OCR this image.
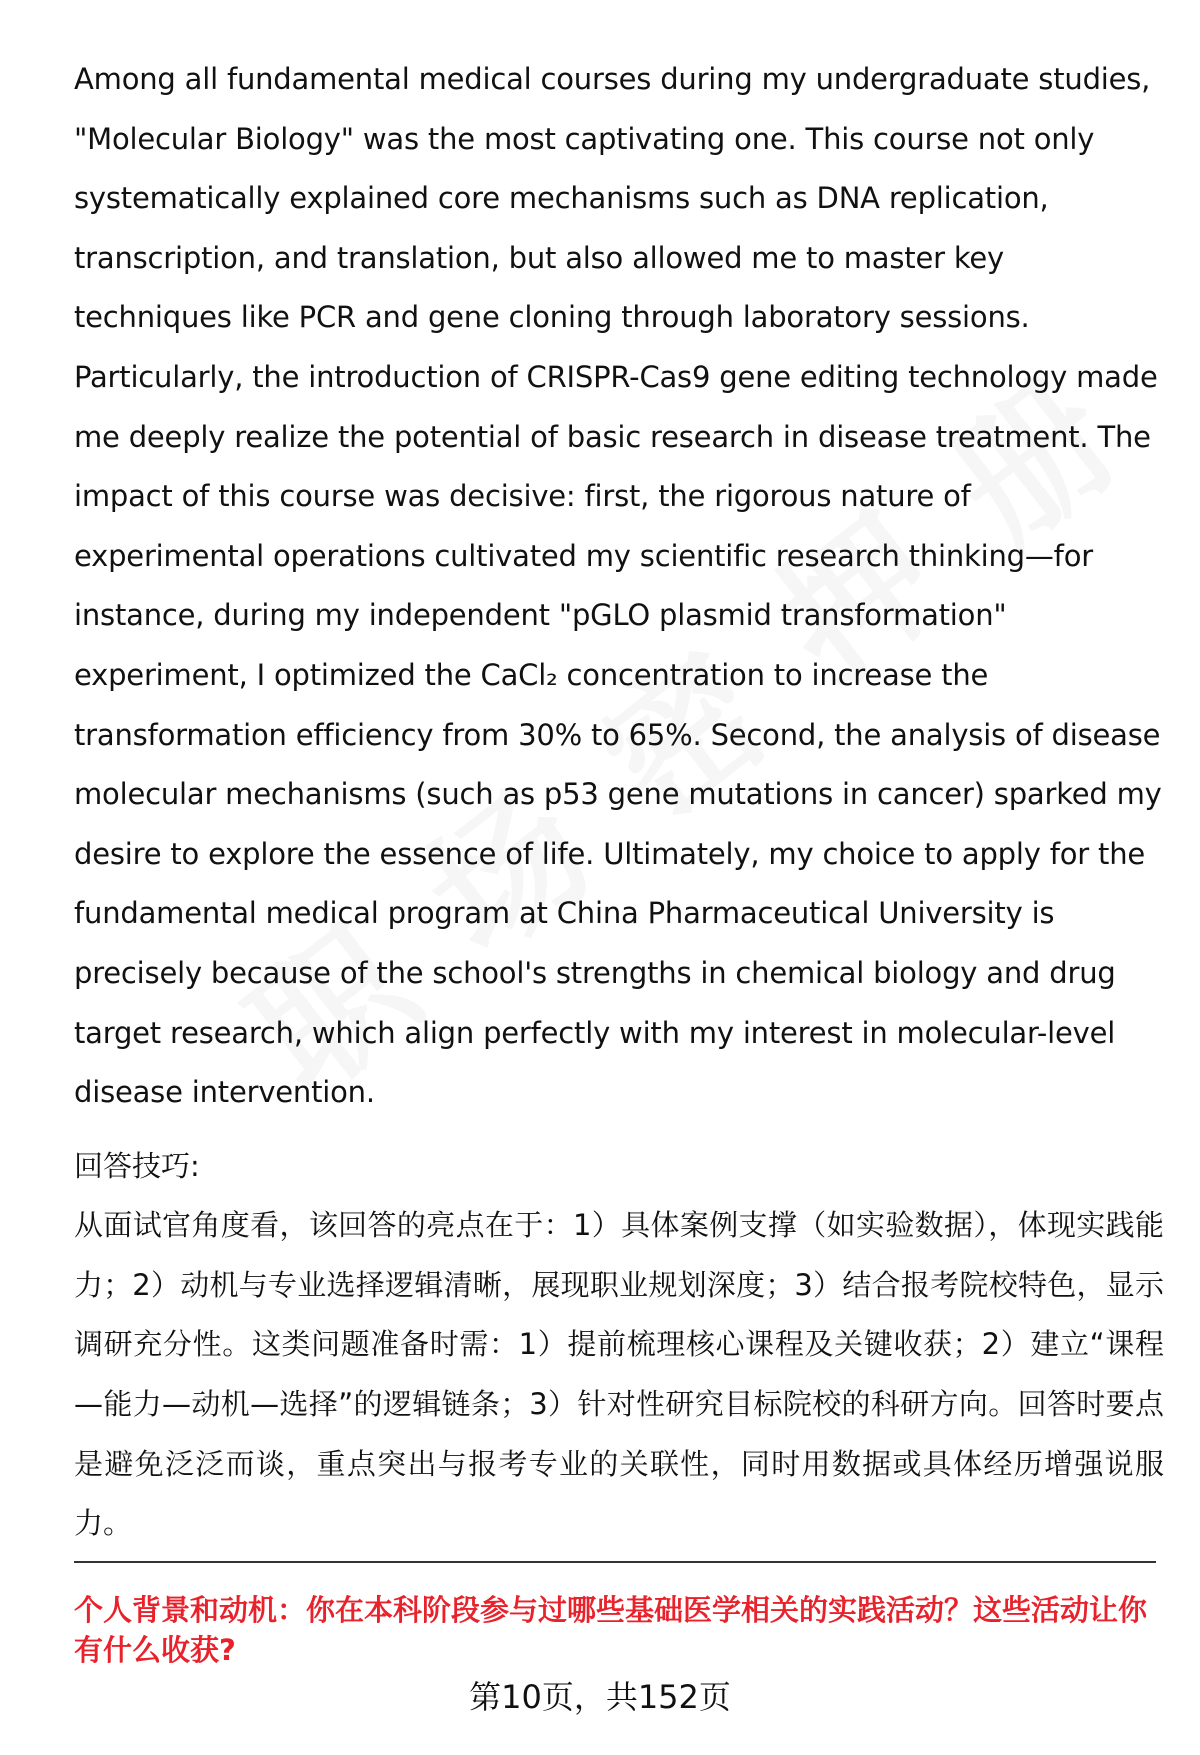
Among all fundamental medical courses during my undergraduate studies, "Molecular Biology" was the most captivating one. This course not only systematically explained core mechanisms such as DNA replication, transcription, and translation, but also allowed me to master key techniques like PCR and gene cloning through laboratory sessions. Particularly, the introduction of CRISPR-Cas9 gene editing technology made me deeply realize the potential of basic research in disease treatment. The impact of this course was decisive: first, the rigorous nature of experimental operations cultivated my scientific research thinking—for instance, during my independent "pGLO plasmid transformation" experiment, I optimized the CaCl₂ concentration to increase the transformation efficiency from 30% to 65%. Second, the analysis of disease molecular mechanisms (such as p53 gene mutations in cancer) sparked my desire to explore the essence of life. Ultimately, my choice to apply for the fundamental medical program at China Pharmaceutical University is precisely because of the school's strengths in chemical biology and drug target research, which align perfectly with my interest in molecular-level disease intervention.

回答技巧:

从面试官角度看，该回答的亮点在于：1）具体案例支撑（如实验数据），体现实践能力；2）动机与专业选择逻辑清晰，展现职业规划深度；3）结合报考院校特色，显示调研充分性。这类问题准备时需：1）提前梳理核心课程及关键收获；2）建立“课程—能力—动机—选择”的逻辑链条；3）针对性研究目标院校的科研方向。回答时要点是避免泛泛而谈，重点突出与报考专业的关联性，同时用数据或具体经历增强说服力。

个人背景和动机：你在本科阶段参与过哪些基础医学相关的实践活动？这些活动让你有什么收获?

第10页，共152页
